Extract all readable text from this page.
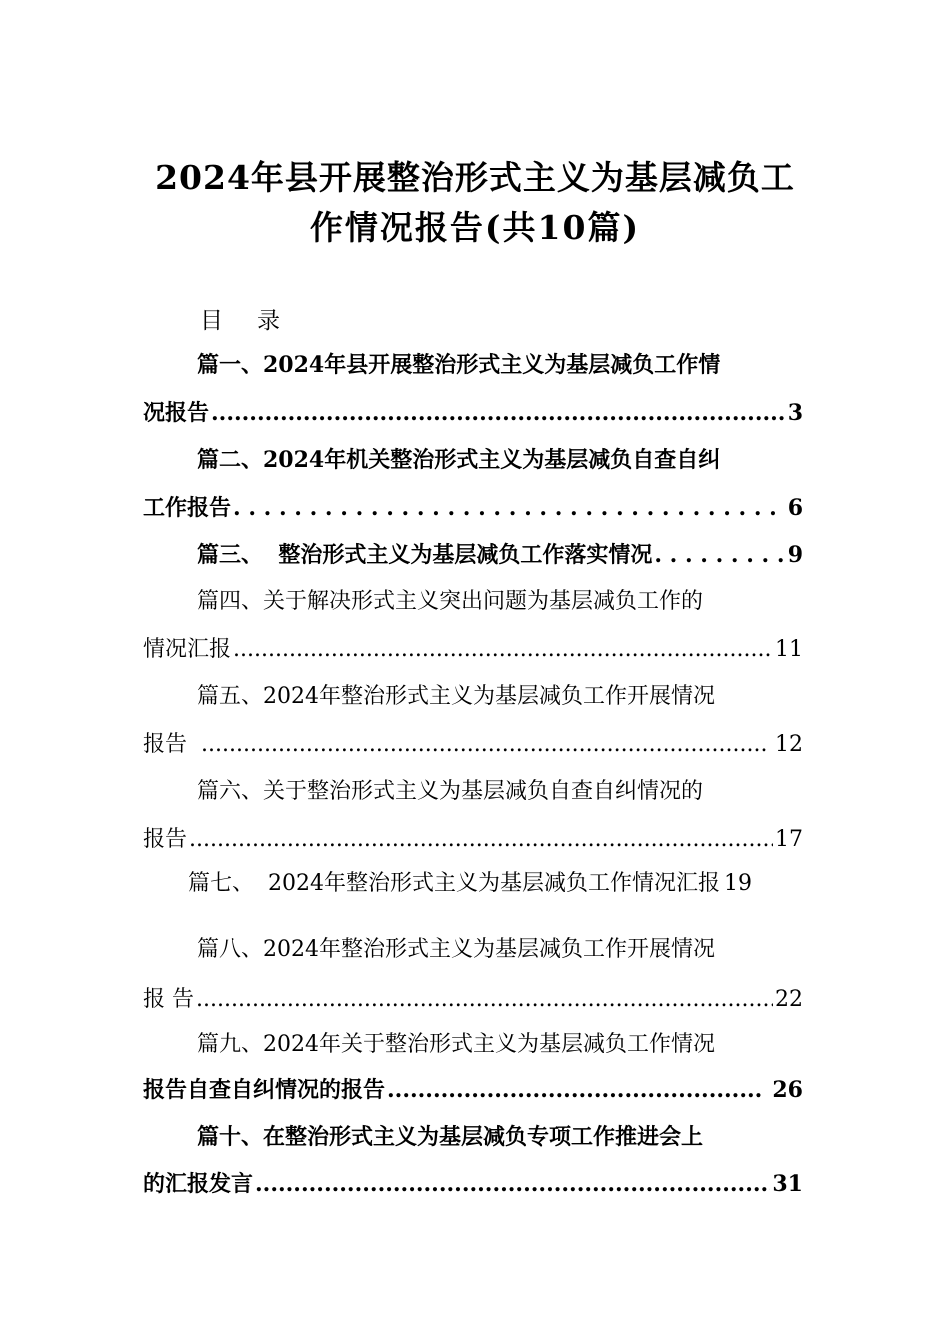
2024年县开展整治形式主义为基层减负工
作情况报告(共10篇)
目 录
篇一、2024年县开展整治形式主义为基层减负工作情
况报告 .....	3
篇二、2024年机关整治形式主义为基层减负自查自纠
工作报告 . . .	6
篇三、  整治形式主义为基层减负工作落实情况 . . .	9
篇四、关于解决形式主义突出问题为基层减负工作的
情况汇报 .....	11
篇五、2024年整治形式主义为基层减负工作开展情况
报告 .....	12
篇六、关于整治形式主义为基层减负自查自纠情况的
报告 .....	17
篇七、  2024年整治形式主义为基层减负工作情况汇报 19
篇八、2024年整治形式主义为基层减负工作开展情况
报 告 .....	22
篇九、2024年关于整治形式主义为基层减负工作情况
报告自查自纠情况的报告 .....	26
篇十、在整治形式主义为基层减负专项工作推进会上
的汇报发言 .....	31
